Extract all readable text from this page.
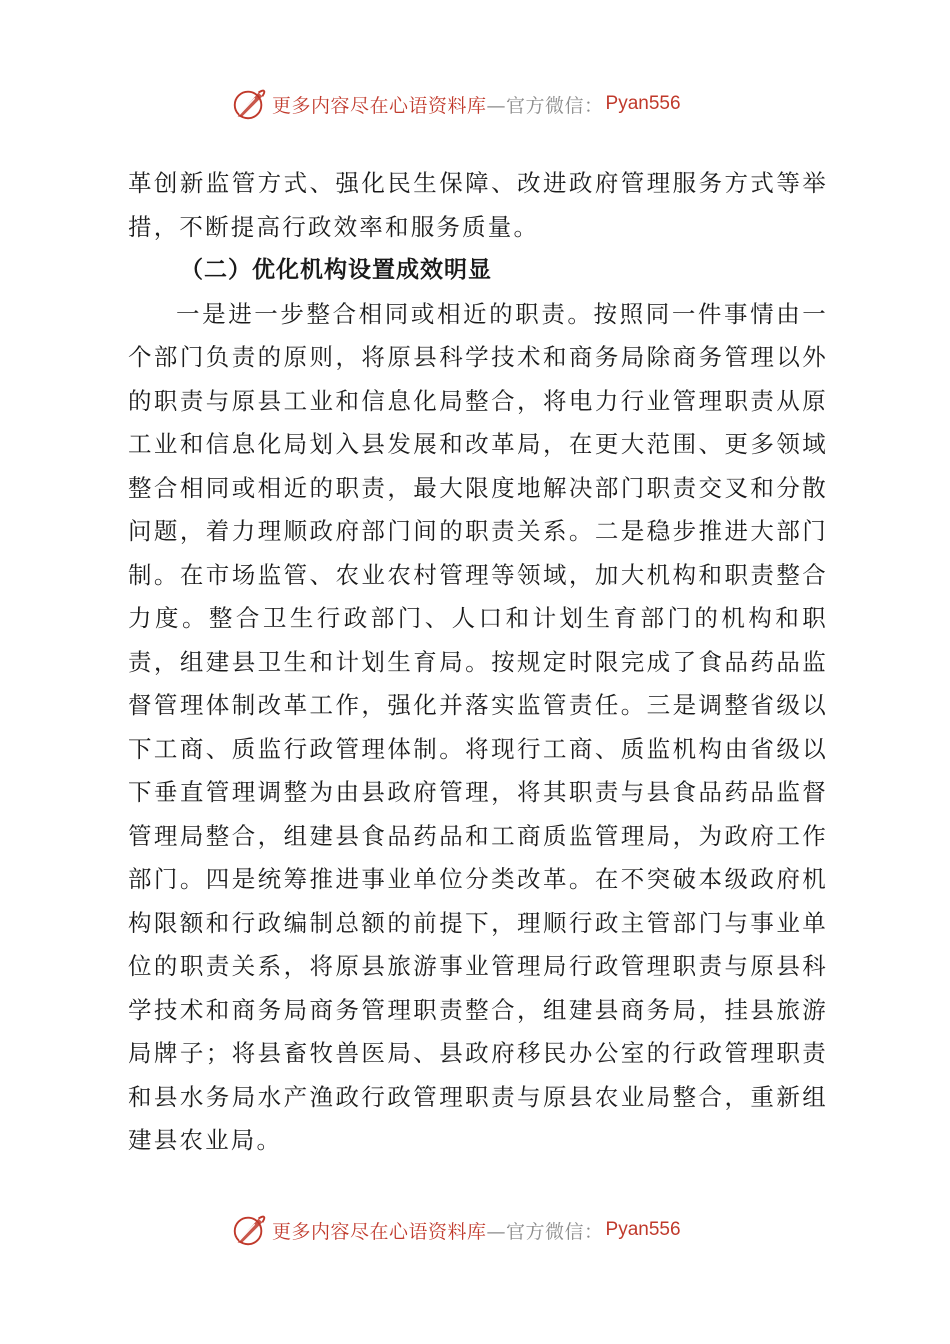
更多内容尽在心语资料库 —官方微信： Pyan556

革创新监管方式、强化民生保障、改进政府管理服务方式等举措，不断提高行政效率和服务质量。

（二）优化机构设置成效明显

一是进一步整合相同或相近的职责。按照同一件事情由一个部门负责的原则，将原县科学技术和商务局除商务管理以外的职责与原县工业和信息化局整合，将电力行业管理职责从原工业和信息化局划入县发展和改革局，在更大范围、更多领域整合相同或相近的职责，最大限度地解决部门职责交叉和分散问题，着力理顺政府部门间的职责关系。二是稳步推进大部门制。在市场监管、农业农村管理等领域，加大机构和职责整合力度。整合卫生行政部门、人口和计划生育部门的机构和职责，组建县卫生和计划生育局。按规定时限完成了食品药品监督管理体制改革工作，强化并落实监管责任。三是调整省级以下工商、质监行政管理体制。将现行工商、质监机构由省级以下垂直管理调整为由县政府管理，将其职责与县食品药品监督管理局整合，组建县食品药品和工商质监管理局，为政府工作部门。四是统筹推进事业单位分类改革。在不突破本级政府机构限额和行政编制总额的前提下，理顺行政主管部门与事业单位的职责关系，将原县旅游事业管理局行政管理职责与原县科学技术和商务局商务管理职责整合，组建县商务局，挂县旅游局牌子；将县畜牧兽医局、县政府移民办公室的行政管理职责和县水务局水产渔政行政管理职责与原县农业局整合，重新组建县农业局。

更多内容尽在心语资料库 —官方微信： Pyan556
